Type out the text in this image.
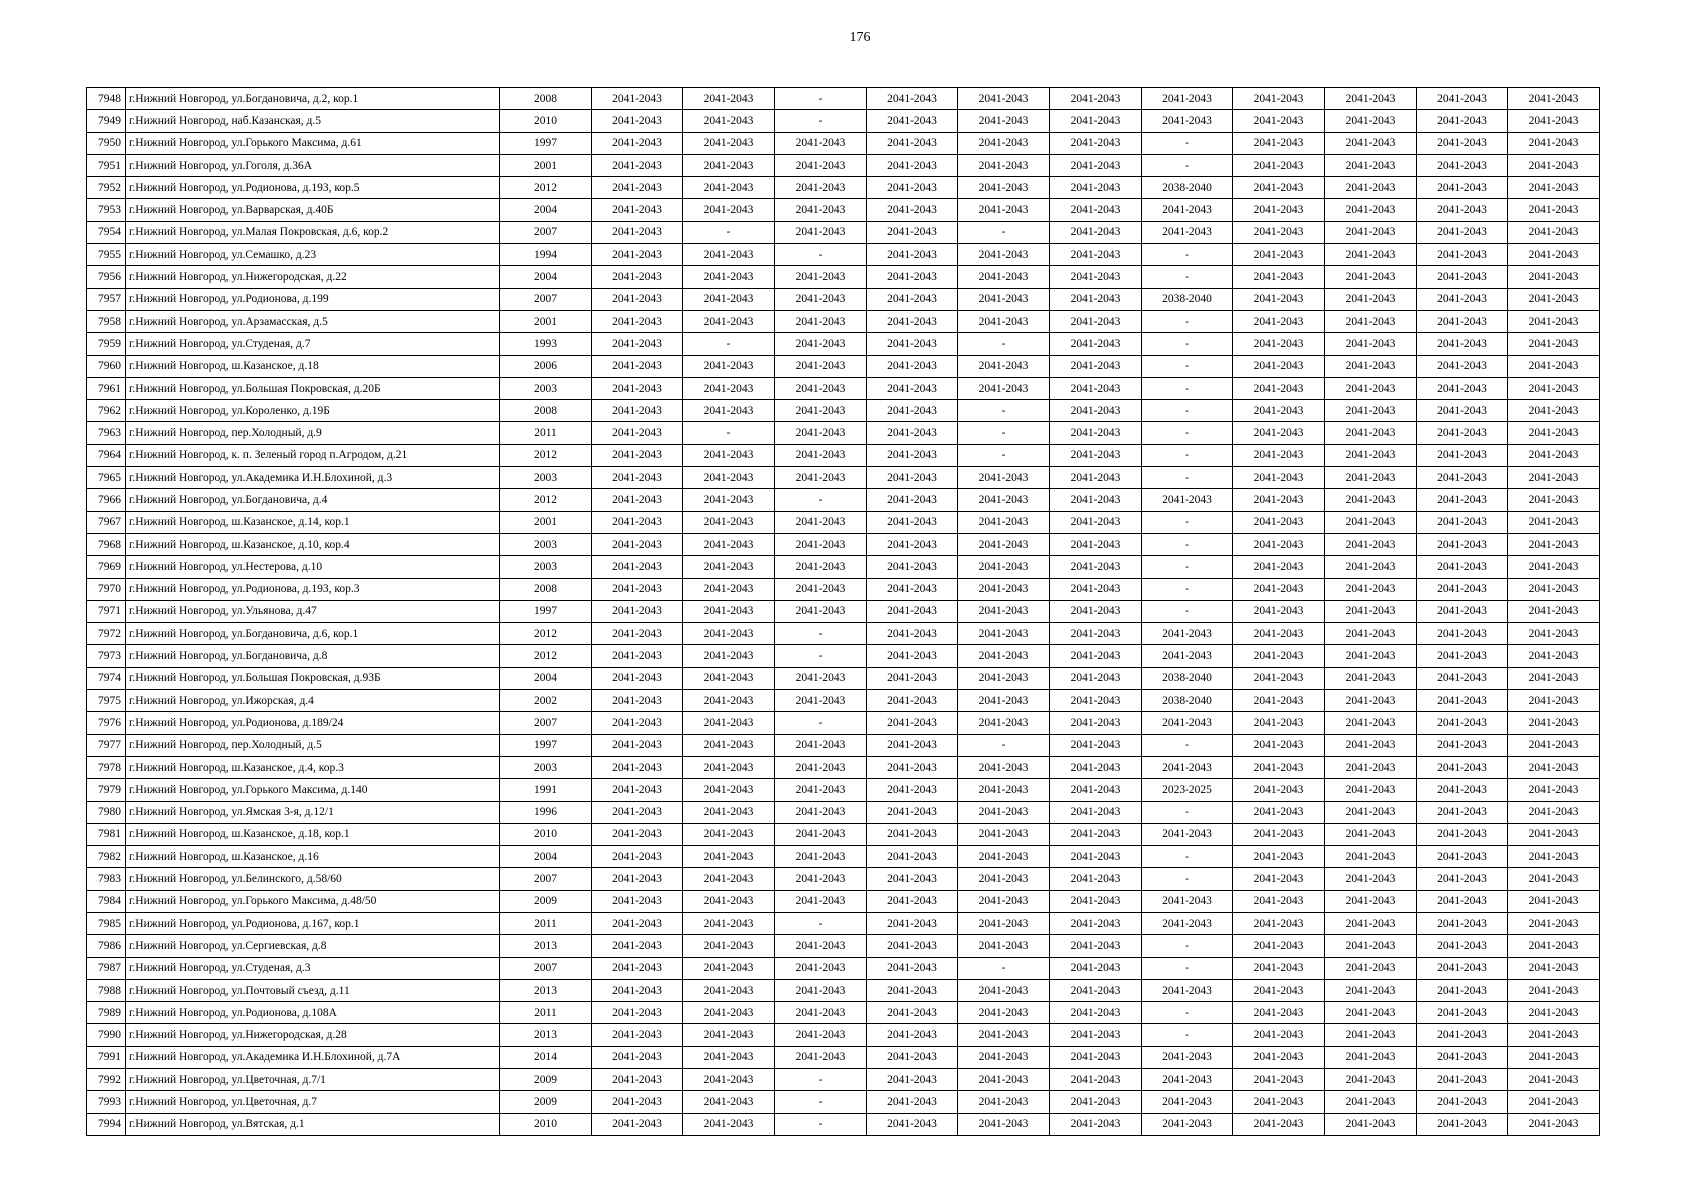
176
7948	г.Нижний Новгород, ул.Богдановича, д.2, кор.1	2008	2041-2043	2041-2043	-	2041-2043	2041-2043	2041-2043	2041-2043	2041-2043	2041-2043	2041-2043	2041-2043
7949	г.Нижний Новгород, наб.Казанская, д.5	2010	2041-2043	2041-2043	-	2041-2043	2041-2043	2041-2043	2041-2043	2041-2043	2041-2043	2041-2043	2041-2043
7950	г.Нижний Новгород, ул.Горького Максима, д.61	1997	2041-2043	2041-2043	2041-2043	2041-2043	2041-2043	2041-2043	-	2041-2043	2041-2043	2041-2043	2041-2043
7951	г.Нижний Новгород, ул.Гоголя, д.36А	2001	2041-2043	2041-2043	2041-2043	2041-2043	2041-2043	2041-2043	-	2041-2043	2041-2043	2041-2043	2041-2043
7952	г.Нижний Новгород, ул.Родионова, д.193, кор.5	2012	2041-2043	2041-2043	2041-2043	2041-2043	2041-2043	2041-2043	2038-2040	2041-2043	2041-2043	2041-2043	2041-2043
7953	г.Нижний Новгород, ул.Варварская, д.40Б	2004	2041-2043	2041-2043	2041-2043	2041-2043	2041-2043	2041-2043	2041-2043	2041-2043	2041-2043	2041-2043	2041-2043
7954	г.Нижний Новгород, ул.Малая Покровская, д.6, кор.2	2007	2041-2043	-	2041-2043	2041-2043	-	2041-2043	2041-2043	2041-2043	2041-2043	2041-2043	2041-2043
7955	г.Нижний Новгород, ул.Семашко, д.23	1994	2041-2043	2041-2043	-	2041-2043	2041-2043	2041-2043	-	2041-2043	2041-2043	2041-2043	2041-2043
7956	г.Нижний Новгород, ул.Нижегородская, д.22	2004	2041-2043	2041-2043	2041-2043	2041-2043	2041-2043	2041-2043	-	2041-2043	2041-2043	2041-2043	2041-2043
7957	г.Нижний Новгород, ул.Родионова, д.199	2007	2041-2043	2041-2043	2041-2043	2041-2043	2041-2043	2041-2043	2038-2040	2041-2043	2041-2043	2041-2043	2041-2043
7958	г.Нижний Новгород, ул.Арзамасская, д.5	2001	2041-2043	2041-2043	2041-2043	2041-2043	2041-2043	2041-2043	-	2041-2043	2041-2043	2041-2043	2041-2043
7959	г.Нижний Новгород, ул.Студеная, д.7	1993	2041-2043	-	2041-2043	2041-2043	-	2041-2043	-	2041-2043	2041-2043	2041-2043	2041-2043
7960	г.Нижний Новгород, ш.Казанское, д.18	2006	2041-2043	2041-2043	2041-2043	2041-2043	2041-2043	2041-2043	-	2041-2043	2041-2043	2041-2043	2041-2043
7961	г.Нижний Новгород, ул.Большая Покровская, д.20Б	2003	2041-2043	2041-2043	2041-2043	2041-2043	2041-2043	2041-2043	-	2041-2043	2041-2043	2041-2043	2041-2043
7962	г.Нижний Новгород, ул.Короленко, д.19Б	2008	2041-2043	2041-2043	2041-2043	2041-2043	-	2041-2043	-	2041-2043	2041-2043	2041-2043	2041-2043
7963	г.Нижний Новгород, пер.Холодный, д.9	2011	2041-2043	-	2041-2043	2041-2043	-	2041-2043	-	2041-2043	2041-2043	2041-2043	2041-2043
7964	г.Нижний Новгород, к. п. Зеленый город п.Агродом, д.21	2012	2041-2043	2041-2043	2041-2043	2041-2043	-	2041-2043	-	2041-2043	2041-2043	2041-2043	2041-2043
7965	г.Нижний Новгород, ул.Академика И.Н.Блохиной, д.3	2003	2041-2043	2041-2043	2041-2043	2041-2043	2041-2043	2041-2043	-	2041-2043	2041-2043	2041-2043	2041-2043
7966	г.Нижний Новгород, ул.Богдановича, д.4	2012	2041-2043	2041-2043	-	2041-2043	2041-2043	2041-2043	2041-2043	2041-2043	2041-2043	2041-2043	2041-2043
7967	г.Нижний Новгород, ш.Казанское, д.14, кор.1	2001	2041-2043	2041-2043	2041-2043	2041-2043	2041-2043	2041-2043	-	2041-2043	2041-2043	2041-2043	2041-2043
7968	г.Нижний Новгород, ш.Казанское, д.10, кор.4	2003	2041-2043	2041-2043	2041-2043	2041-2043	2041-2043	2041-2043	-	2041-2043	2041-2043	2041-2043	2041-2043
7969	г.Нижний Новгород, ул.Нестерова, д.10	2003	2041-2043	2041-2043	2041-2043	2041-2043	2041-2043	2041-2043	-	2041-2043	2041-2043	2041-2043	2041-2043
7970	г.Нижний Новгород, ул.Родионова, д.193, кор.3	2008	2041-2043	2041-2043	2041-2043	2041-2043	2041-2043	2041-2043	-	2041-2043	2041-2043	2041-2043	2041-2043
7971	г.Нижний Новгород, ул.Ульянова, д.47	1997	2041-2043	2041-2043	2041-2043	2041-2043	2041-2043	2041-2043	-	2041-2043	2041-2043	2041-2043	2041-2043
7972	г.Нижний Новгород, ул.Богдановича, д.6, кор.1	2012	2041-2043	2041-2043	-	2041-2043	2041-2043	2041-2043	2041-2043	2041-2043	2041-2043	2041-2043	2041-2043
7973	г.Нижний Новгород, ул.Богдановича, д.8	2012	2041-2043	2041-2043	-	2041-2043	2041-2043	2041-2043	2041-2043	2041-2043	2041-2043	2041-2043	2041-2043
7974	г.Нижний Новгород, ул.Большая Покровская, д.93Б	2004	2041-2043	2041-2043	2041-2043	2041-2043	2041-2043	2041-2043	2038-2040	2041-2043	2041-2043	2041-2043	2041-2043
7975	г.Нижний Новгород, ул.Ижорская, д.4	2002	2041-2043	2041-2043	2041-2043	2041-2043	2041-2043	2041-2043	2038-2040	2041-2043	2041-2043	2041-2043	2041-2043
7976	г.Нижний Новгород, ул.Родионова, д.189/24	2007	2041-2043	2041-2043	-	2041-2043	2041-2043	2041-2043	2041-2043	2041-2043	2041-2043	2041-2043	2041-2043
7977	г.Нижний Новгород, пер.Холодный, д.5	1997	2041-2043	2041-2043	2041-2043	2041-2043	-	2041-2043	-	2041-2043	2041-2043	2041-2043	2041-2043
7978	г.Нижний Новгород, ш.Казанское, д.4, кор.3	2003	2041-2043	2041-2043	2041-2043	2041-2043	2041-2043	2041-2043	2041-2043	2041-2043	2041-2043	2041-2043	2041-2043
7979	г.Нижний Новгород, ул.Горького Максима, д.140	1991	2041-2043	2041-2043	2041-2043	2041-2043	2041-2043	2041-2043	2023-2025	2041-2043	2041-2043	2041-2043	2041-2043
7980	г.Нижний Новгород, ул.Ямская 3-я, д.12/1	1996	2041-2043	2041-2043	2041-2043	2041-2043	2041-2043	2041-2043	-	2041-2043	2041-2043	2041-2043	2041-2043
7981	г.Нижний Новгород, ш.Казанское, д.18, кор.1	2010	2041-2043	2041-2043	2041-2043	2041-2043	2041-2043	2041-2043	2041-2043	2041-2043	2041-2043	2041-2043	2041-2043
7982	г.Нижний Новгород, ш.Казанское, д.16	2004	2041-2043	2041-2043	2041-2043	2041-2043	2041-2043	2041-2043	-	2041-2043	2041-2043	2041-2043	2041-2043
7983	г.Нижний Новгород, ул.Белинского, д.58/60	2007	2041-2043	2041-2043	2041-2043	2041-2043	2041-2043	2041-2043	-	2041-2043	2041-2043	2041-2043	2041-2043
7984	г.Нижний Новгород, ул.Горького Максима, д.48/50	2009	2041-2043	2041-2043	2041-2043	2041-2043	2041-2043	2041-2043	2041-2043	2041-2043	2041-2043	2041-2043	2041-2043
7985	г.Нижний Новгород, ул.Родионова, д.167, кор.1	2011	2041-2043	2041-2043	-	2041-2043	2041-2043	2041-2043	2041-2043	2041-2043	2041-2043	2041-2043	2041-2043
7986	г.Нижний Новгород, ул.Сергиевская, д.8	2013	2041-2043	2041-2043	2041-2043	2041-2043	2041-2043	2041-2043	-	2041-2043	2041-2043	2041-2043	2041-2043
7987	г.Нижний Новгород, ул.Студеная, д.3	2007	2041-2043	2041-2043	2041-2043	2041-2043	-	2041-2043	-	2041-2043	2041-2043	2041-2043	2041-2043
7988	г.Нижний Новгород, ул.Почтовый съезд, д.11	2013	2041-2043	2041-2043	2041-2043	2041-2043	2041-2043	2041-2043	2041-2043	2041-2043	2041-2043	2041-2043	2041-2043
7989	г.Нижний Новгород, ул.Родионова, д.108А	2011	2041-2043	2041-2043	2041-2043	2041-2043	2041-2043	2041-2043	-	2041-2043	2041-2043	2041-2043	2041-2043
7990	г.Нижний Новгород, ул.Нижегородская, д.28	2013	2041-2043	2041-2043	2041-2043	2041-2043	2041-2043	2041-2043	-	2041-2043	2041-2043	2041-2043	2041-2043
7991	г.Нижний Новгород, ул.Академика И.Н.Блохиной, д.7А	2014	2041-2043	2041-2043	2041-2043	2041-2043	2041-2043	2041-2043	2041-2043	2041-2043	2041-2043	2041-2043	2041-2043
7992	г.Нижний Новгород, ул.Цветочная, д.7/1	2009	2041-2043	2041-2043	-	2041-2043	2041-2043	2041-2043	2041-2043	2041-2043	2041-2043	2041-2043	2041-2043
7993	г.Нижний Новгород, ул.Цветочная, д.7	2009	2041-2043	2041-2043	-	2041-2043	2041-2043	2041-2043	2041-2043	2041-2043	2041-2043	2041-2043	2041-2043
7994	г.Нижний Новгород, ул.Вятская, д.1	2010	2041-2043	2041-2043	-	2041-2043	2041-2043	2041-2043	2041-2043	2041-2043	2041-2043	2041-2043	2041-2043
